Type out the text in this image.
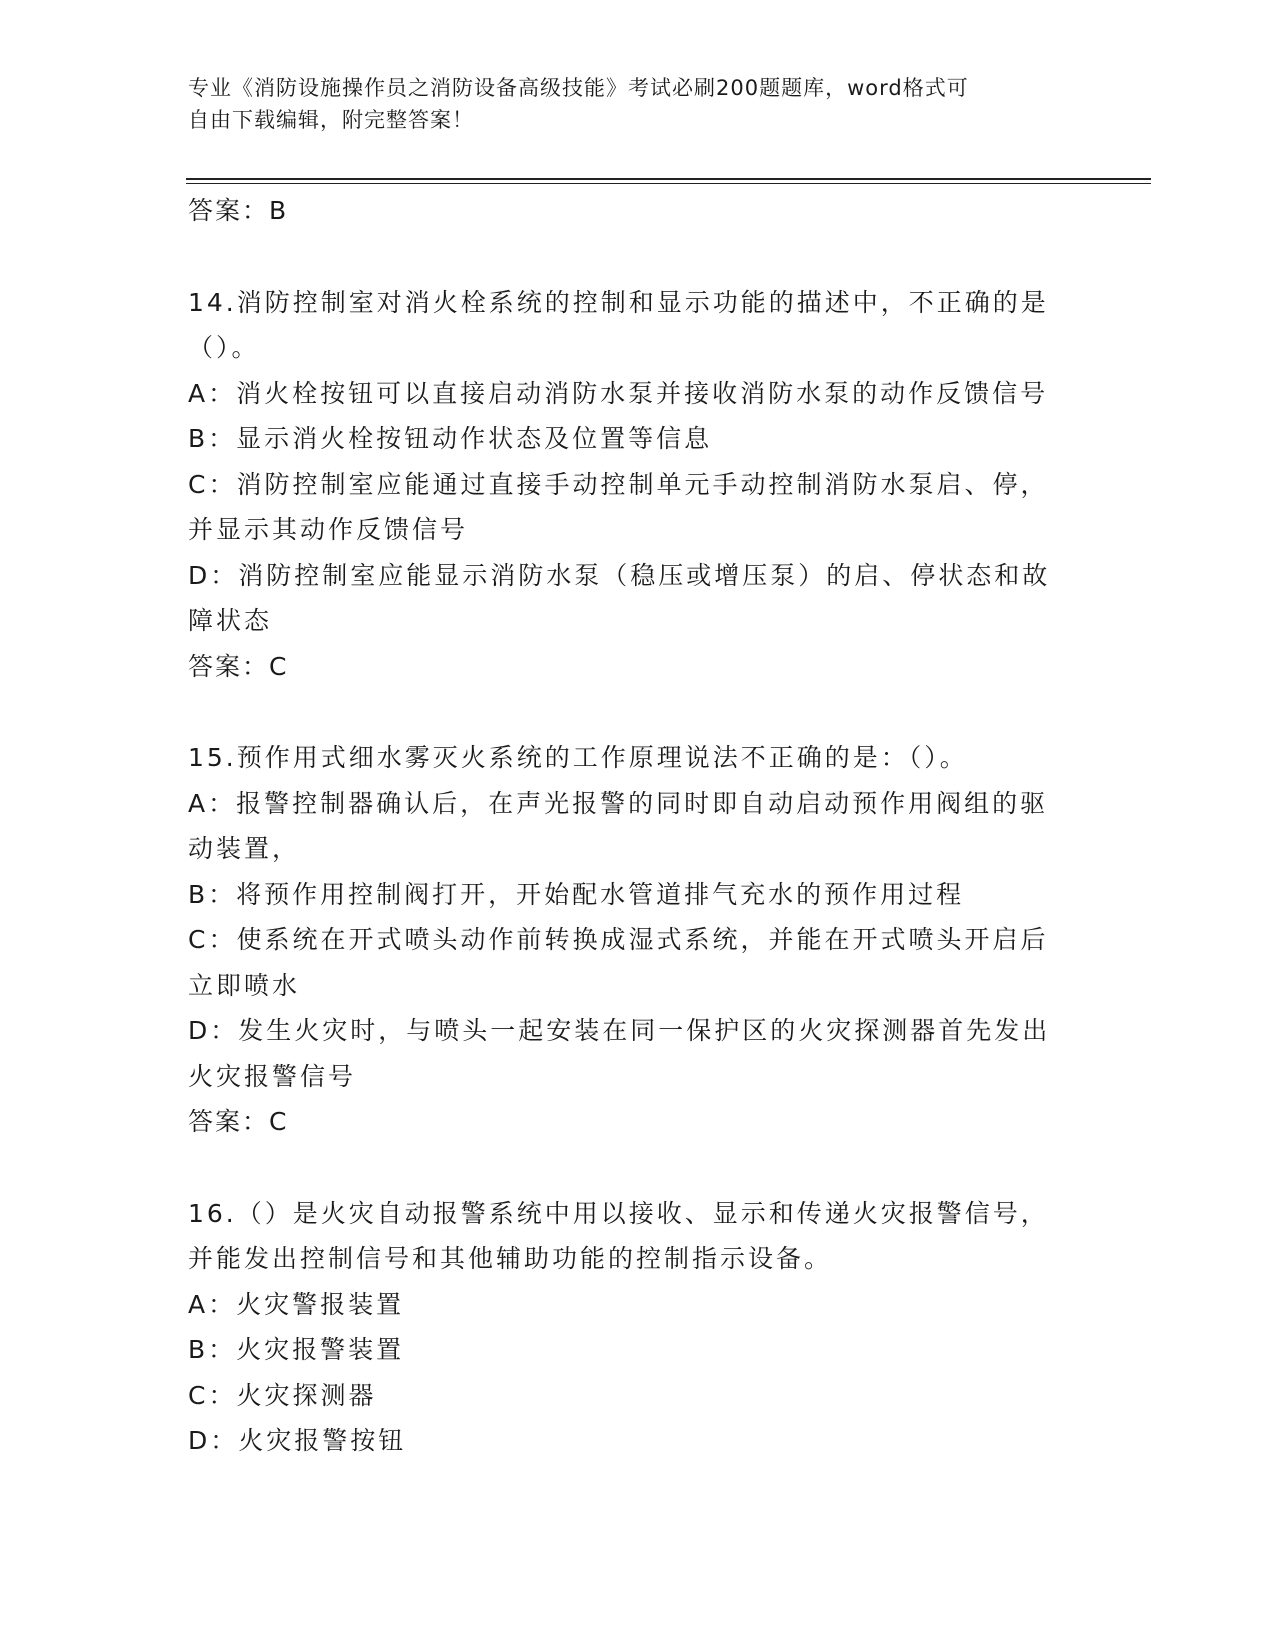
专业《消防设施操作员之消防设备高级技能》考试必刷200题题库，word格式可
自由下载编辑，附完整答案！
答案：B
14.消防控制室对消火栓系统的控制和显示功能的描述中，不正确的是
（）。
A：消火栓按钮可以直接启动消防水泵并接收消防水泵的动作反馈信号
B：显示消火栓按钮动作状态及位置等信息
C：消防控制室应能通过直接手动控制单元手动控制消防水泵启、停，
并显示其动作反馈信号
D：消防控制室应能显示消防水泵（稳压或增压泵）的启、停状态和故
障状态
答案：C
15.预作用式细水雾灭火系统的工作原理说法不正确的是：（）。
A：报警控制器确认后，在声光报警的同时即自动启动预作用阀组的驱
动装置，
B：将预作用控制阀打开，开始配水管道排气充水的预作用过程
C：使系统在开式喷头动作前转换成湿式系统，并能在开式喷头开启后
立即喷水
D：发生火灾时，与喷头一起安装在同一保护区的火灾探测器首先发出
火灾报警信号
答案：C
16.（）是火灾自动报警系统中用以接收、显示和传递火灾报警信号，
并能发出控制信号和其他辅助功能的控制指示设备。
A：火灾警报装置
B：火灾报警装置
C：火灾探测器
D：火灾报警按钮
